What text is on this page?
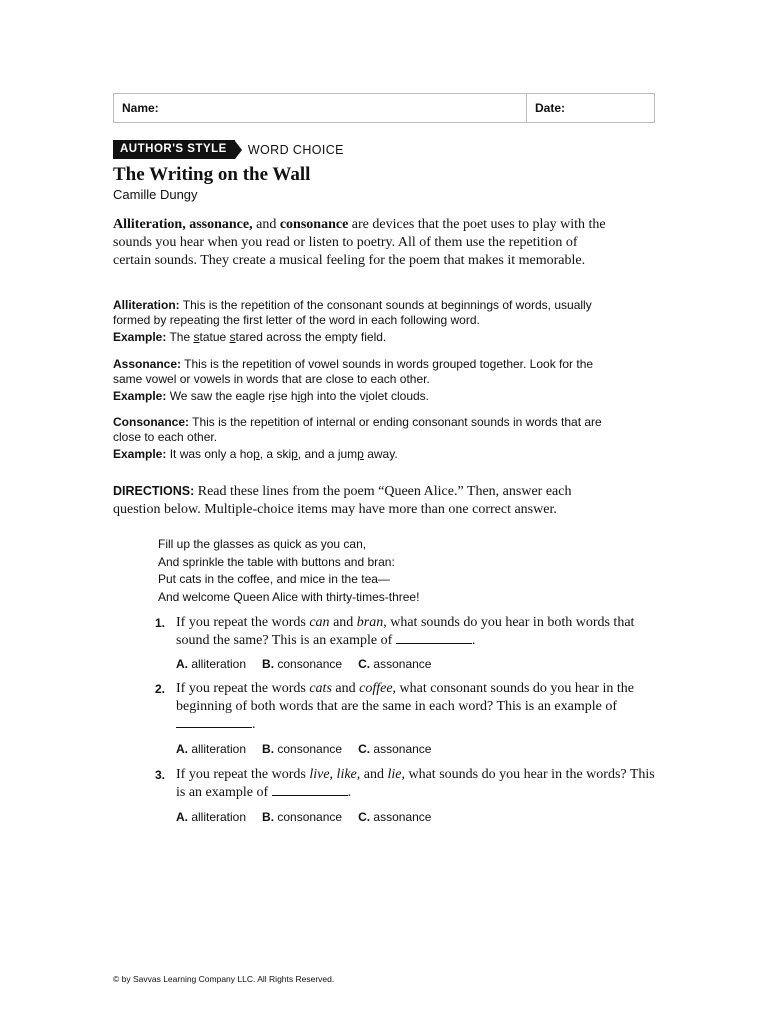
Name:	Date:
AUTHOR'S STYLE	WORD CHOICE
The Writing on the Wall
Camille Dungy
Alliteration, assonance, and consonance are devices that the poet uses to play with the sounds you hear when you read or listen to poetry. All of them use the repetition of certain sounds. They create a musical feeling for the poem that makes it memorable.
Alliteration: This is the repetition of the consonant sounds at beginnings of words, usually formed by repeating the first letter of the word in each following word.
Example: The statue stared across the empty field.
Assonance: This is the repetition of vowel sounds in words grouped together. Look for the same vowel or vowels in words that are close to each other.
Example: We saw the eagle rise high into the violet clouds.
Consonance: This is the repetition of internal or ending consonant sounds in words that are close to each other.
Example: It was only a hop, a skip, and a jump away.
DIRECTIONS: Read these lines from the poem “Queen Alice.” Then, answer each question below. Multiple-choice items may have more than one correct answer.
Fill up the glasses as quick as you can,
And sprinkle the table with buttons and bran:
Put cats in the coffee, and mice in the tea—
And welcome Queen Alice with thirty-times-three!
1. If you repeat the words can and bran, what sounds do you hear in both words that sound the same? This is an example of	.
A. alliteration B. consonance C. assonance
2. If you repeat the words cats and coffee, what consonant sounds do you hear in the beginning of both words that are the same in each word? This is an example of .
A. alliteration B. consonance C. assonance
3. If you repeat the words live, like, and lie, what sounds do you hear in the words? This is an example of	.
A. alliteration B. consonance C. assonance
© by Savvas Learning Company LLC. All Rights Reserved.
